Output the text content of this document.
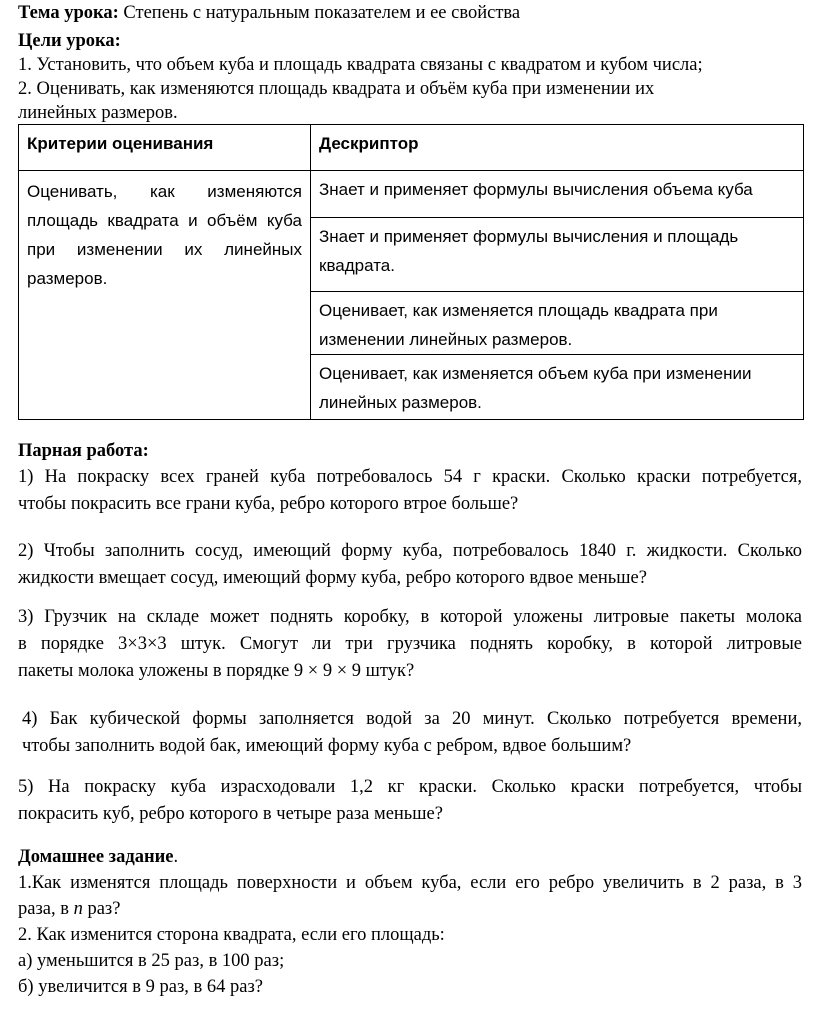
Тема урока: Степень с натуральным показателем и ее свойства
Цели урока:
1. Установить, что объем куба и площадь квадрата связаны с квадратом и кубом числа;
2. Оценивать, как изменяются площадь квадрата и объём куба при изменении их
линейных размеров.
Критерии оценивания	Дескриптор
Оценивать, как изменяются площадь квадрата и объём куба при изменении их линейных размеров.	Знает и применяет формулы вычисления объема куба
	Знает и применяет формулы вычисления и площадь квадрата.
	Оценивает, как изменяется площадь квадрата при изменении линейных размеров.
	Оценивает, как изменяется объем куба при изменении линейных размеров.
Парная работа:
1) На покраску всех граней куба потребовалось 54 г краски. Сколько краски потребуется,
чтобы покрасить все грани куба, ребро которого втрое больше?
2) Чтобы заполнить сосуд, имеющий форму куба, потребовалось 1840 г. жидкости. Сколько
жидкости вмещает сосуд, имеющий форму куба, ребро которого вдвое меньше?
3) Грузчик на складе может поднять коробку, в которой уложены литровые пакеты молока
в порядке 3×3×3 штук. Смогут ли три грузчика поднять коробку, в которой литровые
пакеты молока уложены в порядке 9 × 9 × 9 штук?
4) Бак кубической формы заполняется водой за 20 минут. Сколько потребуется времени,
чтобы заполнить водой бак, имеющий форму куба с ребром, вдвое большим?
5) На покраску куба израсходовали 1,2 кг краски. Сколько краски потребуется, чтобы
покрасить куб, ребро которого в четыре раза меньше?
Домашнее задание.
1.Как изменятся площадь поверхности и объем куба, если его ребро увеличить в 2 раза, в 3
раза, в n раз?
2. Как изменится сторона квадрата, если его площадь:
а) уменьшится в 25 раз, в 100 раз;
б) увеличится в 9 раз, в 64 раз?
